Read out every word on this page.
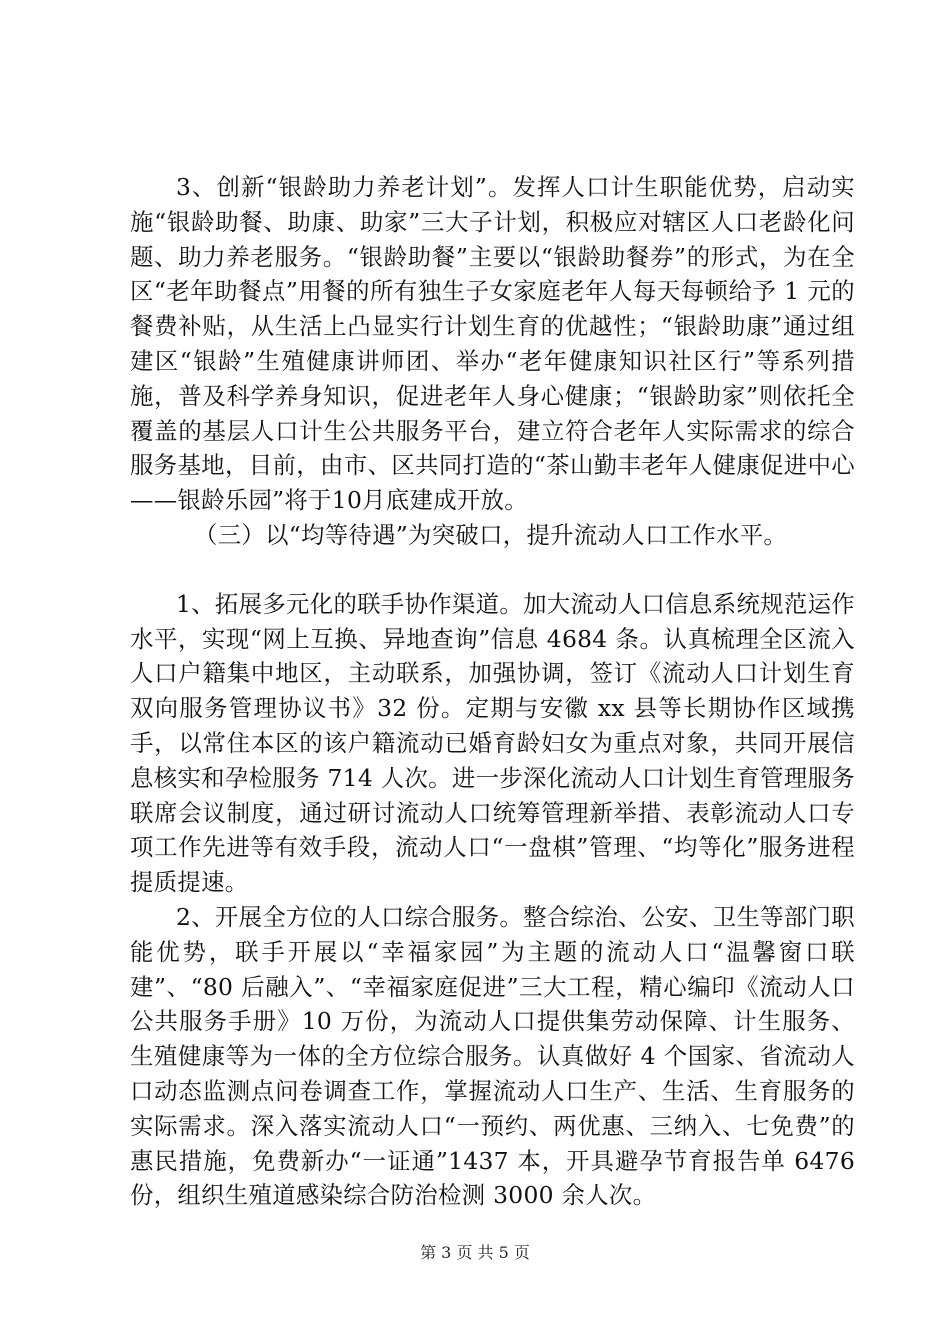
3、创新“银龄助力养老计划”。发挥人口计生职能优势，启动实施“银龄助餐、助康、助家”三大子计划，积极应对辖区人口老龄化问题、助力养老服务。“银龄助餐”主要以“银龄助餐券”的形式，为在全区“老年助餐点”用餐的所有独生子女家庭老年人每天每顿给予 1 元的餐费补贴，从生活上凸显实行计划生育的优越性；“银龄助康”通过组建区“银龄”生殖健康讲师团、举办“老年健康知识社区行”等系列措施，普及科学养身知识，促进老年人身心健康；“银龄助家”则依托全覆盖的基层人口计生公共服务平台，建立符合老年人实际需求的综合服务基地，目前，由市、区共同打造的“茶山勤丰老年人健康促进中心——银龄乐园”将于10月底建成开放。

（三）以“均等待遇”为突破口，提升流动人口工作水平。

1、拓展多元化的联手协作渠道。加大流动人口信息系统规范运作水平，实现“网上互换、异地查询”信息 4684 条。认真梳理全区流入人口户籍集中地区，主动联系，加强协调，签订《流动人口计划生育双向服务管理协议书》32 份。定期与安徽 xx 县等长期协作区域携手，以常住本区的该户籍流动已婚育龄妇女为重点对象，共同开展信息核实和孕检服务 714 人次。进一步深化流动人口计划生育管理服务联席会议制度，通过研讨流动人口统筹管理新举措、表彰流动人口专项工作先进等有效手段，流动人口“一盘棋”管理、“均等化”服务进程提质提速。

2、开展全方位的人口综合服务。整合综治、公安、卫生等部门职能优势，联手开展以“幸福家园”为主题的流动人口“温馨窗口联建”、“80 后融入”、“幸福家庭促进”三大工程，精心编印《流动人口公共服务手册》10 万份，为流动人口提供集劳动保障、计生服务、生殖健康等为一体的全方位综合服务。认真做好 4 个国家、省流动人口动态监测点问卷调查工作，掌握流动人口生产、生活、生育服务的实际需求。深入落实流动人口“一预约、两优惠、三纳入、七免费”的惠民措施，免费新办“一证通”1437 本，开具避孕节育报告单 6476 份，组织生殖道感染综合防治检测 3000 余人次。

第 3 页 共 5 页
